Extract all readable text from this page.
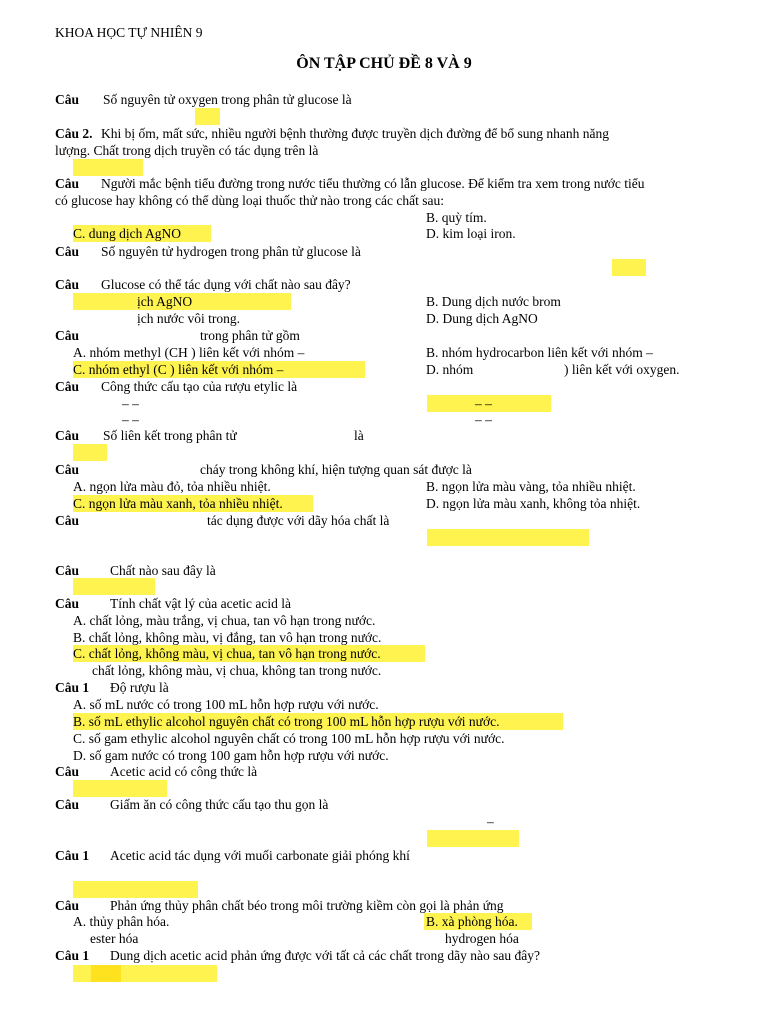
KHOA HỌC TỰ NHIÊN 9
ÔN TẬP CHỦ ĐỀ 8 VÀ 9
Câu Số nguyên tử oxygen trong phân tử glucose là
Câu 2. Khi bị ốm, mất sức, nhiều người bệnh thường được truyền dịch đường để bổ sung nhanh năng
lượng. Chất trong dịch truyền có tác dụng trên là
Câu Người mắc bệnh tiểu đường trong nước tiểu thường có lẫn glucose. Để kiểm tra xem trong nước tiểu
có glucose hay không có thể dùng loại thuốc thử nào trong các chất sau:
B. quỳ tím.
C. dung dịch AgNO	D. kim loại iron.
Câu Số nguyên tử hydrogen trong phân tử glucose là
Câu Glucose có thể tác dụng với chất nào sau đây?
ịch AgNO	B. Dung dịch nước brom
ịch nước vôi trong.	D. Dung dịch AgNO
Câu	trong phân tử gồm
A. nhóm methyl (CH ) liên kết với nhóm –	B. nhóm hydrocarbon liên kết với nhóm –
C. nhóm ethyl (C ) liên kết với nhóm –	D. nhóm	) liên kết với oxygen.
Câu Công thức cấu tạo của rượu etylic là
– –	– –
– –	– –
Câu Số liên kết trong phân tử	là
Câu	cháy trong không khí, hiện tượng quan sát được là
A. ngọn lửa màu đỏ, tỏa nhiều nhiệt.	B. ngọn lửa màu vàng, tỏa nhiều nhiệt.
C. ngọn lửa màu xanh, tỏa nhiều nhiệt.	D. ngọn lửa màu xanh, không tỏa nhiệt.
Câu	tác dụng được với dãy hóa chất là
Câu Chất nào sau đây là
Câu Tính chất vật lý của acetic acid là
A. chất lỏng, màu trắng, vị chua, tan vô hạn trong nước.
B. chất lỏng, không màu, vị đắng, tan vô hạn trong nước.
C. chất lỏng, không màu, vị chua, tan vô hạn trong nước.
chất lỏng, không màu, vị chua, không tan trong nước.
Câu 1 Độ rượu là
A. số mL nước có trong 100 mL hỗn hợp rượu với nước.
B. số mL ethylic alcohol nguyên chất có trong 100 mL hỗn hợp rượu với nước.
C. số gam ethylic alcohol nguyên chất có trong 100 mL hỗn hợp rượu với nước.
D. số gam nước có trong 100 gam hỗn hợp rượu với nước.
Câu Acetic acid có công thức là
Câu Giấm ăn có công thức cấu tạo thu gọn là
–
Câu 1 Acetic acid tác dụng với muối carbonate giải phóng khí
Câu Phản ứng thủy phân chất béo trong môi trường kiềm còn gọi là phản ứng
A. thủy phân hóa.	B. xà phòng hóa.
ester hóa	hydrogen hóa
Câu 1 Dung dịch acetic acid phản ứng được với tất cả các chất trong dãy nào sau đây?
